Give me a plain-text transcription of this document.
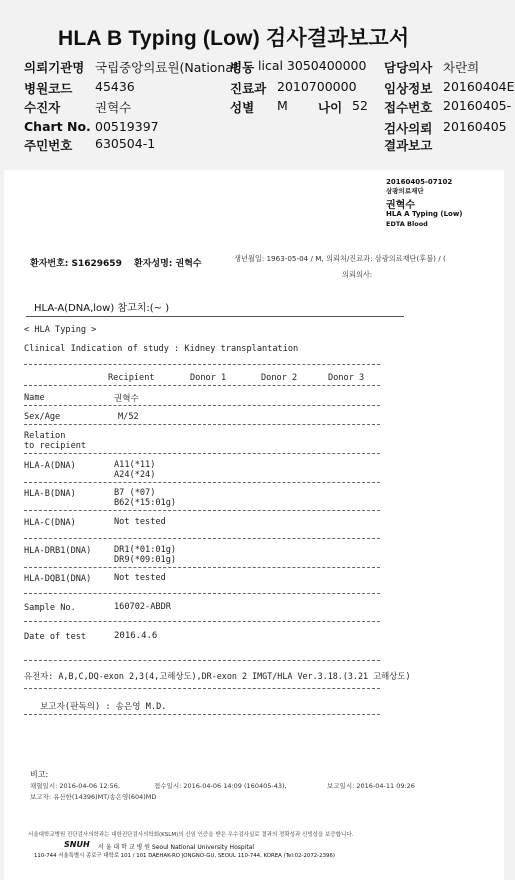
HLA B Typing (Low) 검사결과보고서
의뢰기관명 국립중앙의료원(National
병동 lical 3050400000 담당의사 차란희
병원코드 45436	진료과 2010700000 임상정보 20160404E
수진자	권혁수	성별 M 나이 52 접수번호 20160405-
Chart No. 00519397	검사의뢰 20160405
주민번호 630504-1	결과보고
20160405-07102
삼광의료재단
권혁수
HLA A Typing (Low)
EDTA Blood
환자번호: S1629659 환자성명: 권혁수
생년월일: 1963-05-04 / M, 의뢰처/진료과: 삼광의료재단(후불) / (
의뢰의사:
HLA-A(DNA,low) 참고치:(~ )
< HLA Typing >
Clinical Indication of study : Kidney transplantation
Recipient	Donor 1	Donor 2	Donor 3
Name	권혁수
Sex/Age	M/52
Relation
to recipient
HLA-A(DNA)	A11(*11)
A24(*24)
HLA-B(DNA)	B7 (*07)
B62(*15:01g)
HLA-C(DNA)	Not tested
HLA-DRB1(DNA)	DR1(*01:01g)
DR9(*09:01g)
HLA-DQB1(DNA)	Not tested
Sample No.	160702-ABDR
Date of test	2016.4.6
유전자: A,B,C,DQ-exon 2,3(4,고해상도),DR-exon 2 IMGT/HLA Ver.3.18.(3.21 고해상도)
보고자(판독의) : 송은영 M.D.
비고:
채혈일시: 2016-04-06 12:56,	접수일시: 2016-04-06 14:09 (160405-43),	보고일시: 2016-04-11 09:26
보고자: 유산한(14396)MT/송은영(604)MD
서울대학교병원 진단검사의학과는 대한진단검사의학회(KSLM)의 신임 인증을 받은 우수검사실로 결과의 정확성과 신빙성을 보증합니다.
SNUH 서 울 대 학 교 병 원 Seoul National University Hospital
110-744 서울특별시 종로구 대학로 101 / 101 DAEHAK-RO JONGNO-GU, SEOUL 110-744, KOREA (Tel:02-2072-2396)
